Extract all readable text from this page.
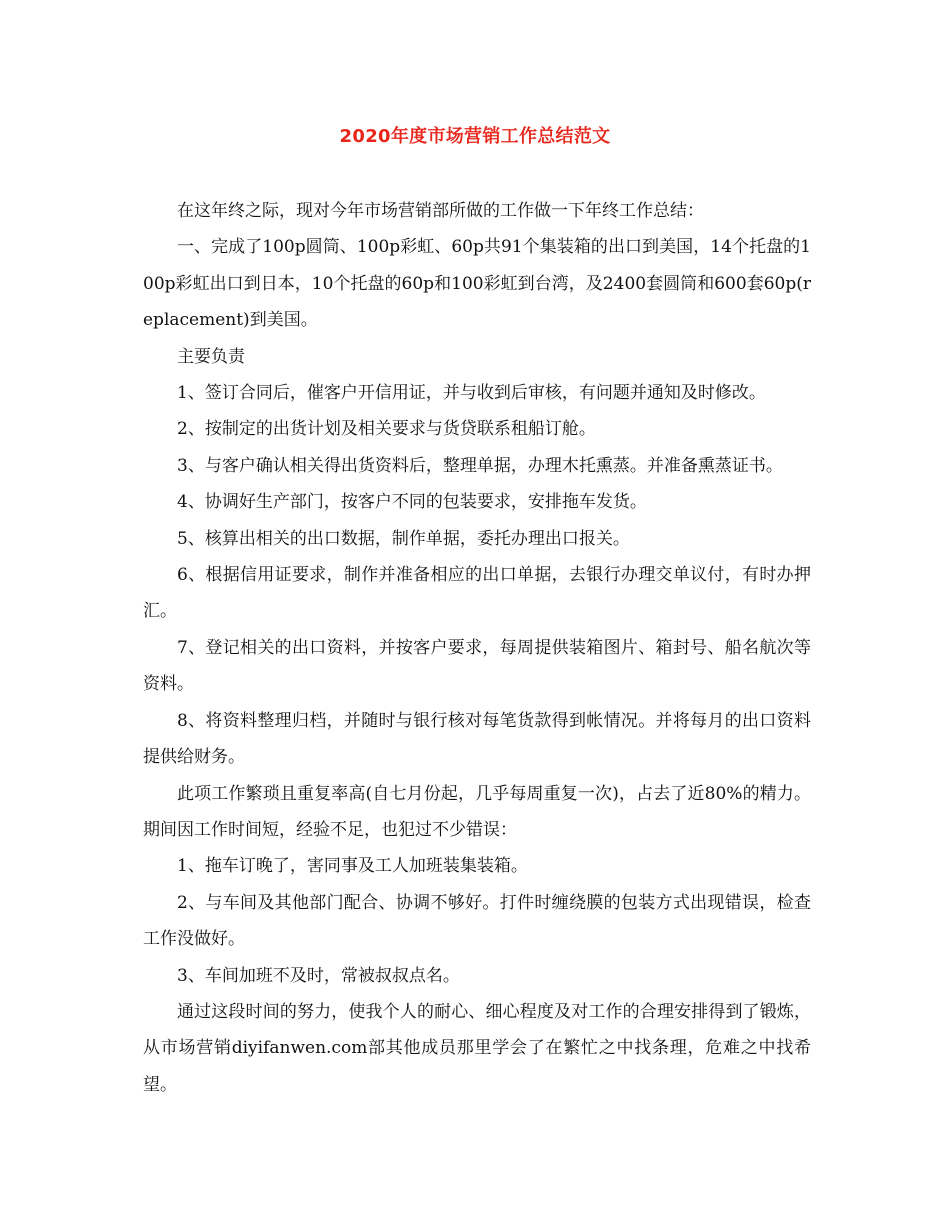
2020年度市场营销工作总结范文

在这年终之际，现对今年市场营销部所做的工作做一下年终工作总结：

一、完成了100p圆筒、100p彩虹、60p共91个集装箱的出口到美国，14个托盘的100p彩虹出口到日本，10个托盘的60p和100彩虹到台湾，及2400套圆筒和600套60p(replacement)到美国。

主要负责

1、签订合同后，催客户开信用证，并与收到后审核，有问题并通知及时修改。

2、按制定的出货计划及相关要求与货贷联系租船订舱。

3、与客户确认相关得出货资料后，整理单据，办理木托熏蒸。并准备熏蒸证书。

4、协调好生产部门，按客户不同的包装要求，安排拖车发货。

5、核算出相关的出口数据，制作单据，委托办理出口报关。

6、根据信用证要求，制作并准备相应的出口单据，去银行办理交单议付，有时办押汇。

7、登记相关的出口资料，并按客户要求，每周提供装箱图片、箱封号、船名航次等资料。

8、将资料整理归档，并随时与银行核对每笔货款得到帐情况。并将每月的出口资料提供给财务。

此项工作繁琐且重复率高(自七月份起，几乎每周重复一次)，占去了近80%的精力。期间因工作时间短，经验不足，也犯过不少错误：

1、拖车订晚了，害同事及工人加班装集装箱。

2、与车间及其他部门配合、协调不够好。打件时缠绕膜的包装方式出现错误，检查工作没做好。

3、车间加班不及时，常被叔叔点名。

通过这段时间的努力，使我个人的耐心、细心程度及对工作的合理安排得到了锻炼，从市场营销diyifanwen.com部其他成员那里学会了在繁忙之中找条理，危难之中找希望。
